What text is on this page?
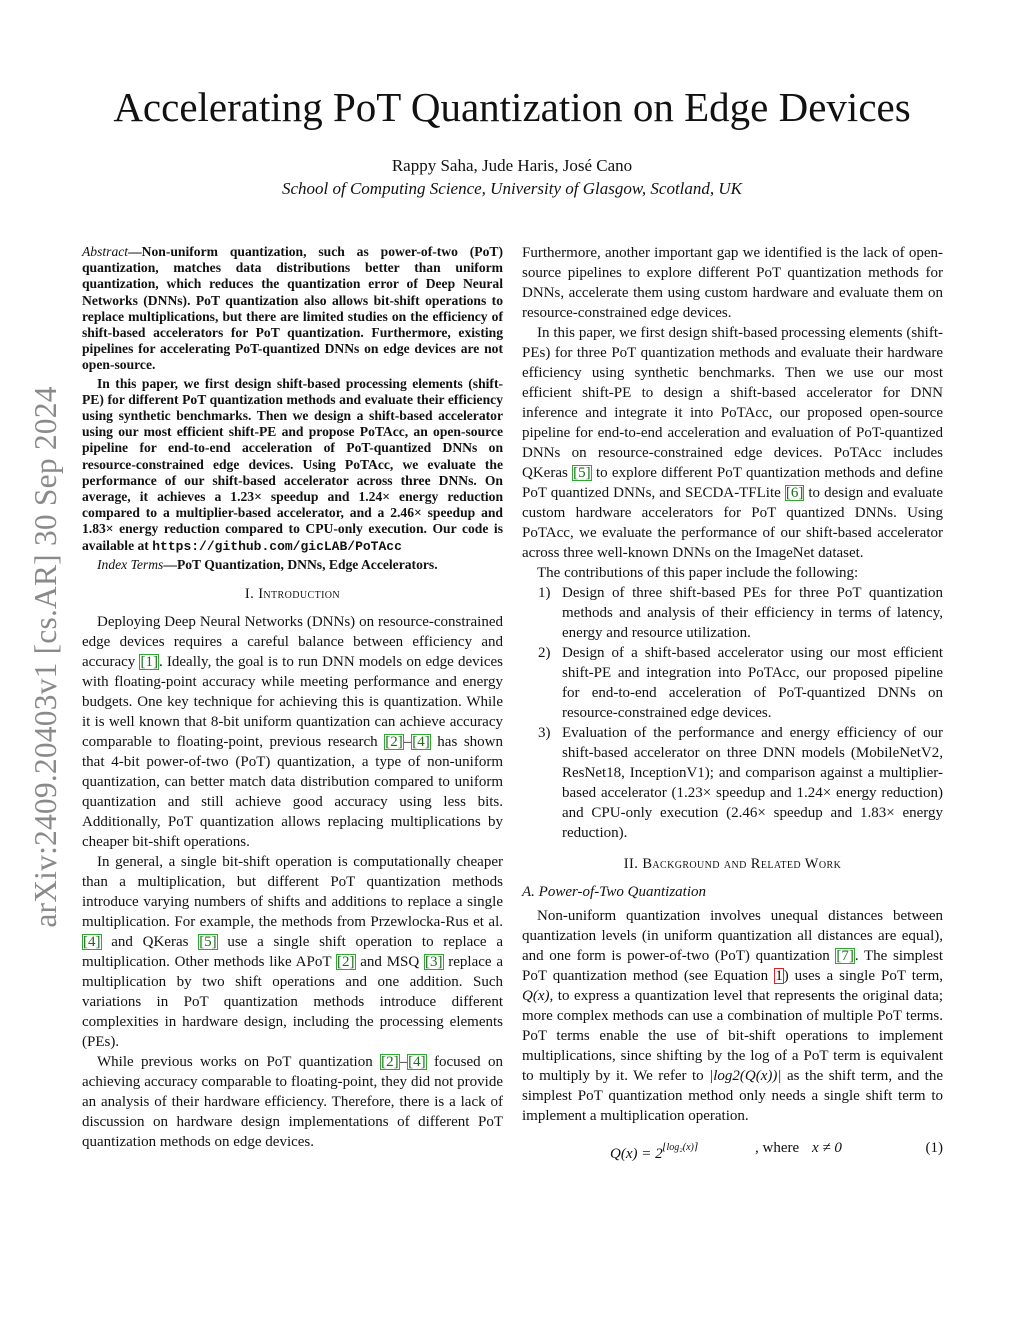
arXiv:2409.20403v1 [cs.AR] 30 Sep 2024
Accelerating PoT Quantization on Edge Devices
Rappy Saha, Jude Haris, José Cano
School of Computing Science, University of Glasgow, Scotland, UK

Abstract—Non-uniform quantization, such as power-of-two (PoT) quantization, matches data distributions better than uniform quantization, which reduces the quantization error of Deep Neural Networks (DNNs). PoT quantization also allows bit-shift operations to replace multiplications, but there are limited studies on the efficiency of shift-based accelerators for PoT quantization. Furthermore, existing pipelines for accelerating PoT-quantized DNNs on edge devices are not open-source.

In this paper, we first design shift-based processing elements (shift-PE) for different PoT quantization methods and evaluate their efficiency using synthetic benchmarks. Then we design a shift-based accelerator using our most efficient shift-PE and propose PoTAcc, an open-source pipeline for end-to-end acceleration of PoT-quantized DNNs on resource-constrained edge devices. Using PoTAcc, we evaluate the performance of our shift-based accelerator across three DNNs. On average, it achieves a 1.23× speedup and 1.24× energy reduction compared to a multiplier-based accelerator, and a 2.46× speedup and 1.83× energy reduction compared to CPU-only execution. Our code is available at https://github.com/gicLAB/PoTAcc

Index Terms—PoT Quantization, DNNs, Edge Accelerators.

I. Introduction

Deploying Deep Neural Networks (DNNs) on resource-constrained edge devices requires a careful balance between efficiency and accuracy [1]. Ideally, the goal is to run DNN models on edge devices with floating-point accuracy while meeting performance and energy budgets. One key technique for achieving this is quantization. While it is well known that 8-bit uniform quantization can achieve accuracy comparable to floating-point, previous research [2]–[4] has shown that 4-bit power-of-two (PoT) quantization, a type of non-uniform quantization, can better match data distribution compared to uniform quantization and still achieve good accuracy using less bits. Additionally, PoT quantization allows replacing multiplications by cheaper bit-shift operations.

In general, a single bit-shift operation is computationally cheaper than a multiplication, but different PoT quantization methods introduce varying numbers of shifts and additions to replace a single multiplication. For example, the methods from Przewlocka-Rus et al. [4] and QKeras [5] use a single shift operation to replace a multiplication. Other methods like APoT [2] and MSQ [3] replace a multiplication by two shift operations and one addition. Such variations in PoT quantization methods introduce different complexities in hardware design, including the processing elements (PEs).

While previous works on PoT quantization [2]–[4] focused on achieving accuracy comparable to floating-point, they did not provide an analysis of their hardware efficiency. Therefore, there is a lack of discussion on hardware design implementations of different PoT quantization methods on edge devices.

Furthermore, another important gap we identified is the lack of open-source pipelines to explore different PoT quantization methods for DNNs, accelerate them using custom hardware and evaluate them on resource-constrained edge devices.

In this paper, we first design shift-based processing elements (shift-PEs) for three PoT quantization methods and evaluate their hardware efficiency using synthetic benchmarks. Then we use our most efficient shift-PE to design a shift-based accelerator for DNN inference and integrate it into PoTAcc, our proposed open-source pipeline for end-to-end acceleration and evaluation of PoT-quantized DNNs on resource-constrained edge devices. PoTAcc includes QKeras [5] to explore different PoT quantization methods and define PoT quantized DNNs, and SECDA-TFLite [6] to design and evaluate custom hardware accelerators for PoT quantized DNNs. Using PoTAcc, we evaluate the performance of our shift-based accelerator across three well-known DNNs on the ImageNet dataset.

The contributions of this paper include the following:

1) Design of three shift-based PEs for three PoT quantization methods and analysis of their efficiency in terms of latency, energy and resource utilization.
2) Design of a shift-based accelerator using our most efficient shift-PE and integration into PoTAcc, our proposed pipeline for end-to-end acceleration of PoT-quantized DNNs on resource-constrained edge devices.
3) Evaluation of the performance and energy efficiency of our shift-based accelerator on three DNN models (MobileNetV2, ResNet18, InceptionV1); and comparison against a multiplier-based accelerator (1.23× speedup and 1.24× energy reduction) and CPU-only execution (2.46× speedup and 1.83× energy reduction).
II. Background and Related Work
A. Power-of-Two Quantization

Non-uniform quantization involves unequal distances between quantization levels (in uniform quantization all distances are equal), and one form is power-of-two (PoT) quantization [7]. The simplest PoT quantization method (see Equation 1) uses a single PoT term, Q(x), to express a quantization level that represents the original data; more complex methods can use a combination of multiple PoT terms. PoT terms enable the use of bit-shift operations to implement multiplications, since shifting by the log of a PoT term is equivalent to multiply by it. We refer to |log2(Q(x))| as the shift term, and the simplest PoT quantization method only needs a single shift term to implement a multiplication operation.

$Q(x) = 2^{⌊log_2(x)⌉}$	, where x ≠ 0	(1)
